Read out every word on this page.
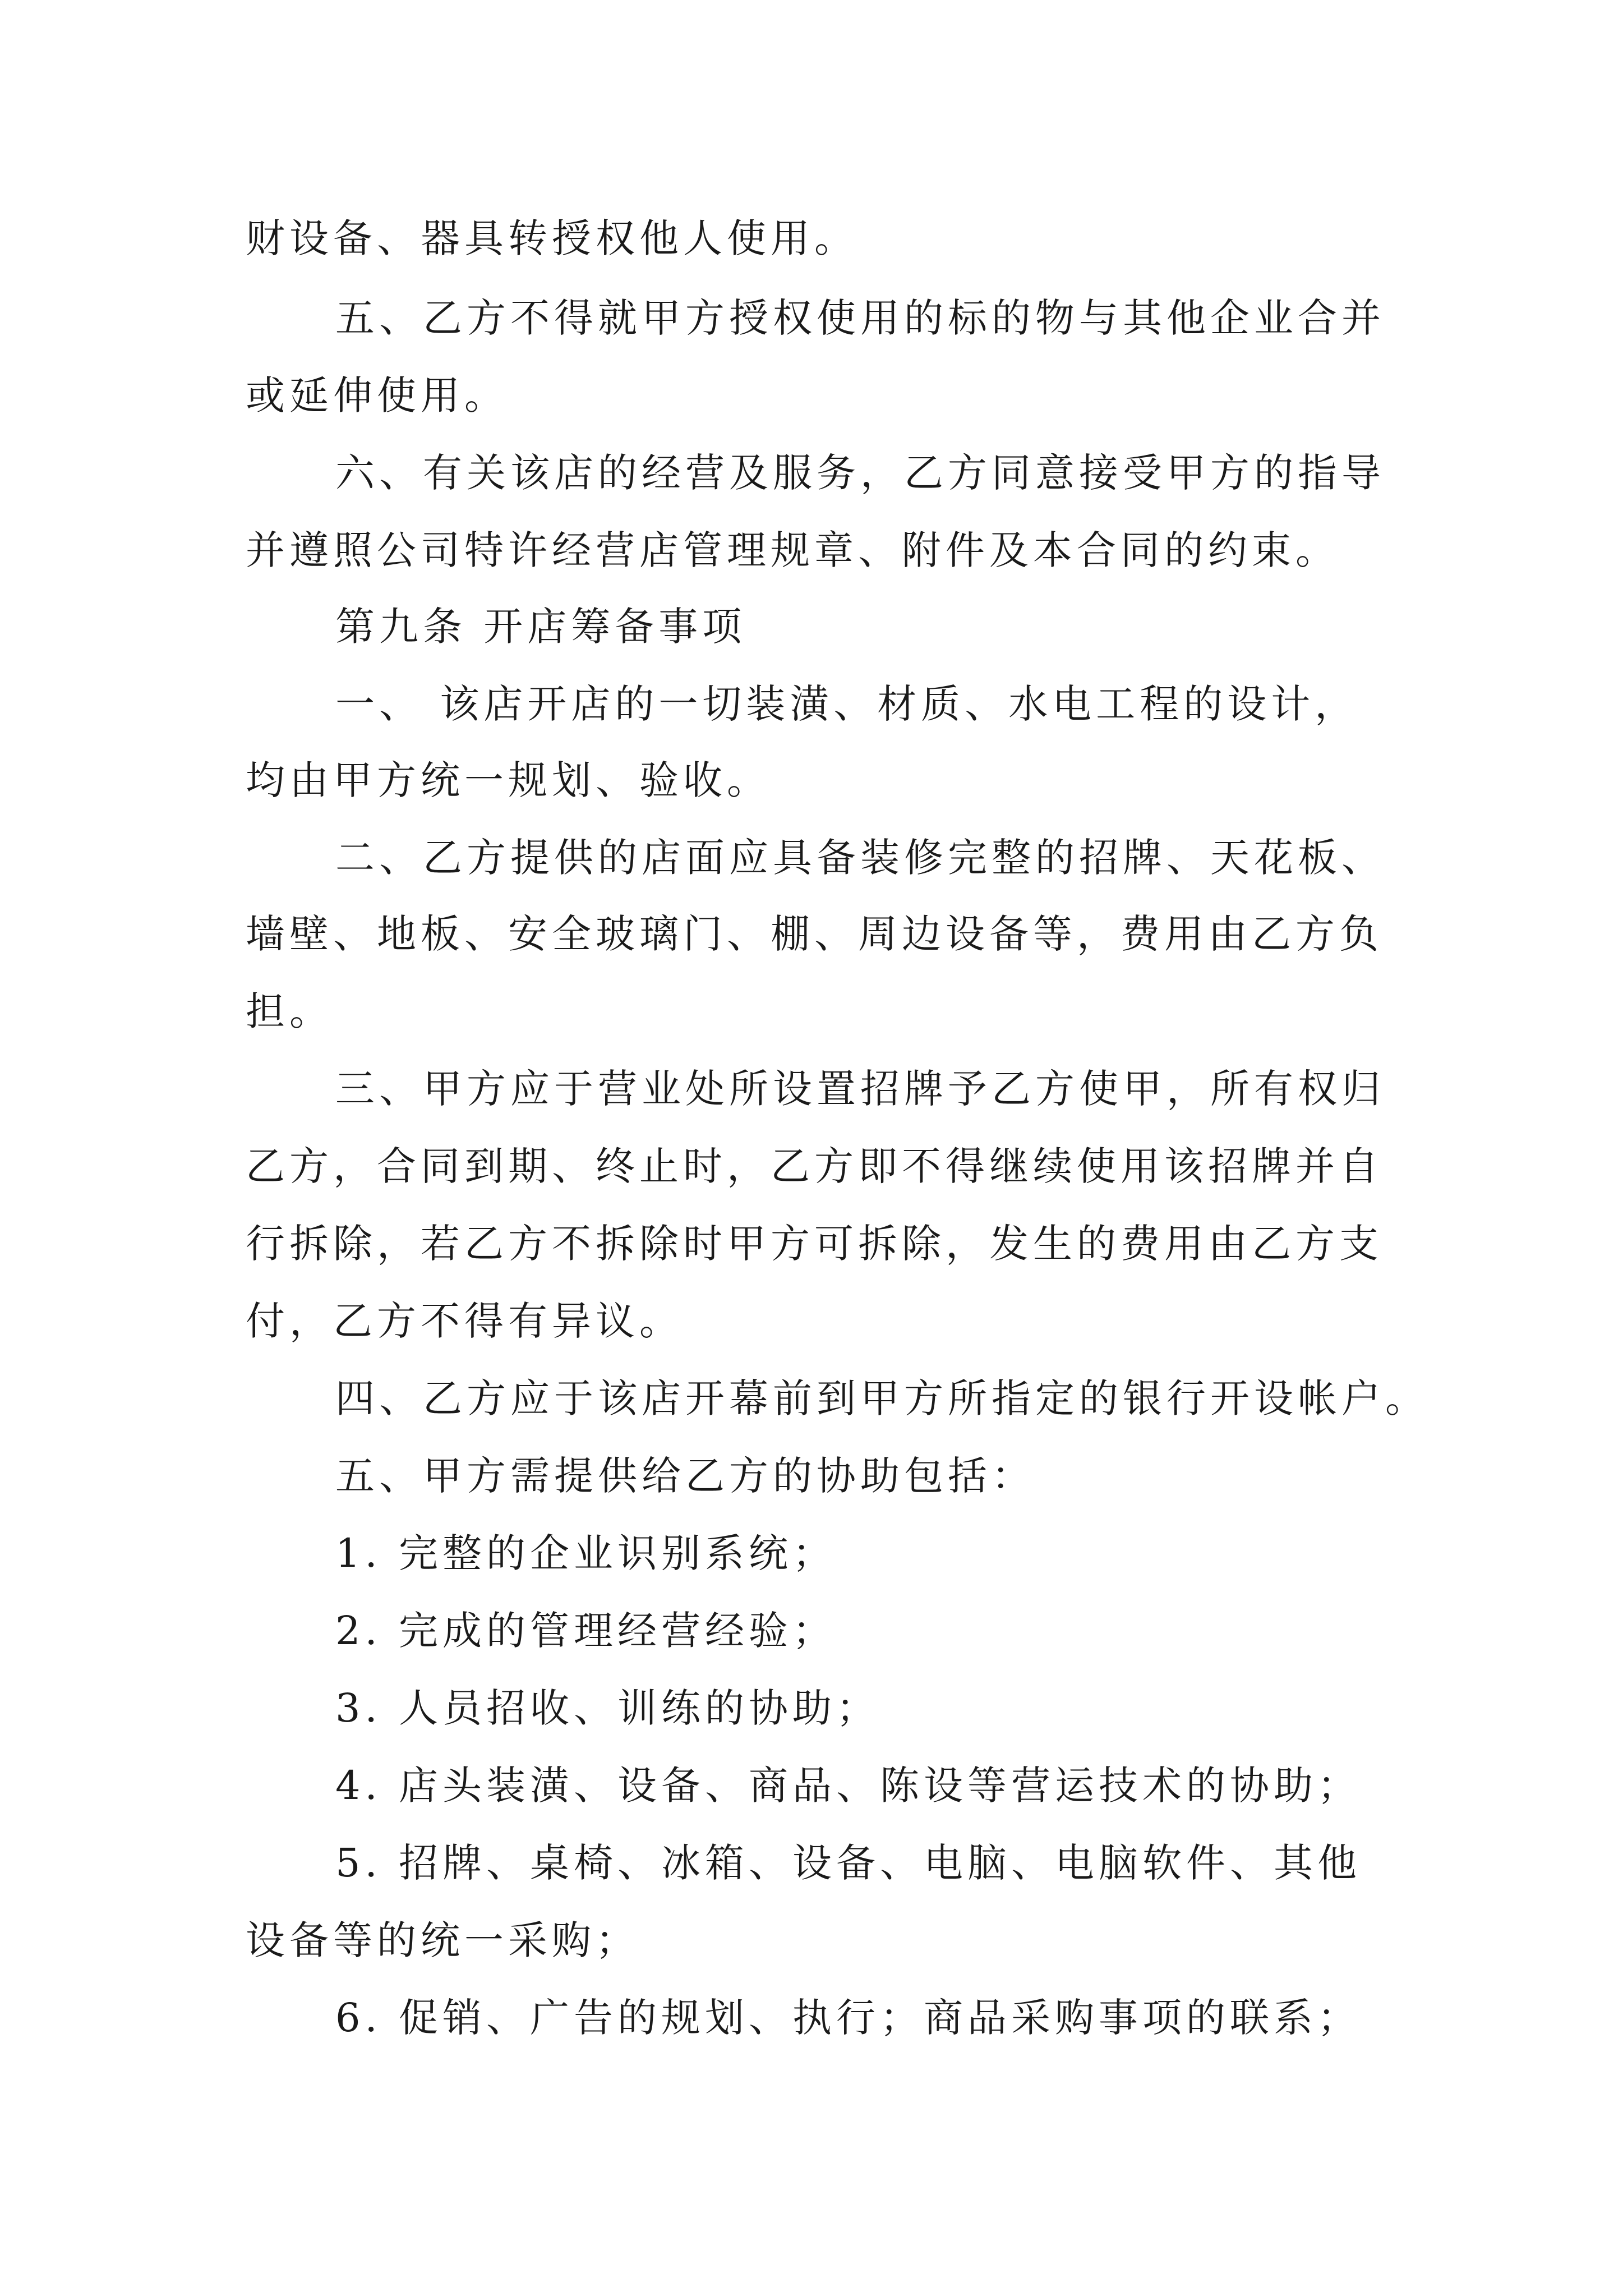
财设备、器具转授权他人使用。
五、乙方不得就甲方授权使用的标的物与其他企业合并
或延伸使用。
六、有关该店的经营及服务，乙方同意接受甲方的指导
并遵照公司特许经营店管理规章、附件及本合同的约束。
第九条 开店筹备事项
一、 该店开店的一切装潢、材质、水电工程的设计，
均由甲方统一规划、验收。
二、乙方提供的店面应具备装修完整的招牌、天花板、
墙壁、地板、安全玻璃门、棚、周边设备等，费用由乙方负
担。
三、甲方应于营业处所设置招牌予乙方使甲，所有权归
乙方，合同到期、终止时，乙方即不得继续使用该招牌并自
行拆除，若乙方不拆除时甲方可拆除，发生的费用由乙方支
付，乙方不得有异议。
四、乙方应于该店开幕前到甲方所指定的银行开设帐户。
五、甲方需提供给乙方的协助包括：
1. 完整的企业识别系统；
2. 完成的管理经营经验；
3. 人员招收、训练的协助；
4. 店头装潢、设备、商品、陈设等营运技术的协助；
5. 招牌、桌椅、冰箱、设备、电脑、电脑软件、其他
设备等的统一采购；
6. 促销、广告的规划、执行；商品采购事项的联系；
